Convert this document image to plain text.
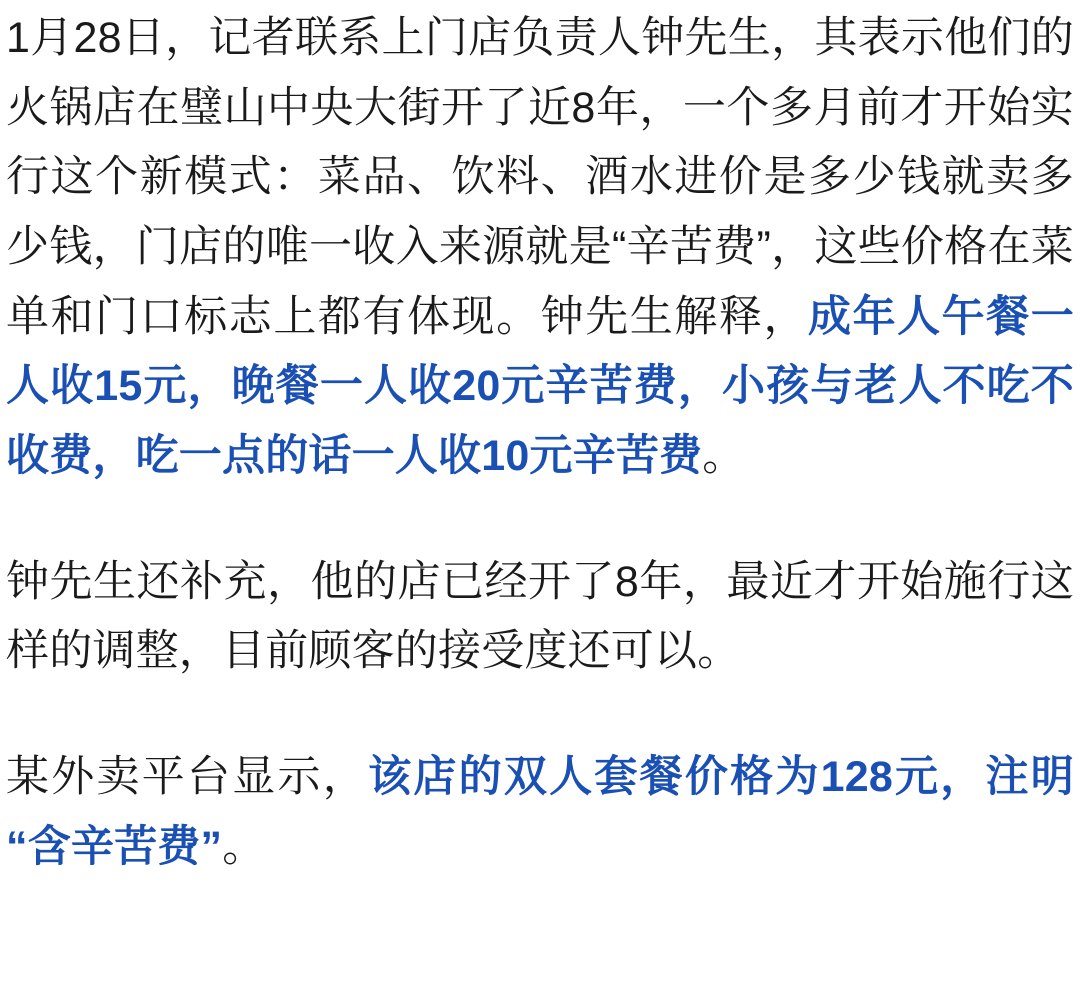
1月28日，记者联系上门店负责人钟先生，其表示他们的火锅店在璧山中央大街开了近8年，一个多月前才开始实行这个新模式：菜品、饮料、酒水进价是多少钱就卖多少钱，门店的唯一收入来源就是“辛苦费”，这些价格在菜单和门口标志上都有体现。钟先生解释，成年人午餐一人收15元，晚餐一人收20元辛苦费，小孩与老人不吃不收费，吃一点的话一人收10元辛苦费。

钟先生还补充，他的店已经开了8年，最近才开始施行这样的调整，目前顾客的接受度还可以。

某外卖平台显示，该店的双人套餐价格为128元，注明“含辛苦费”。
